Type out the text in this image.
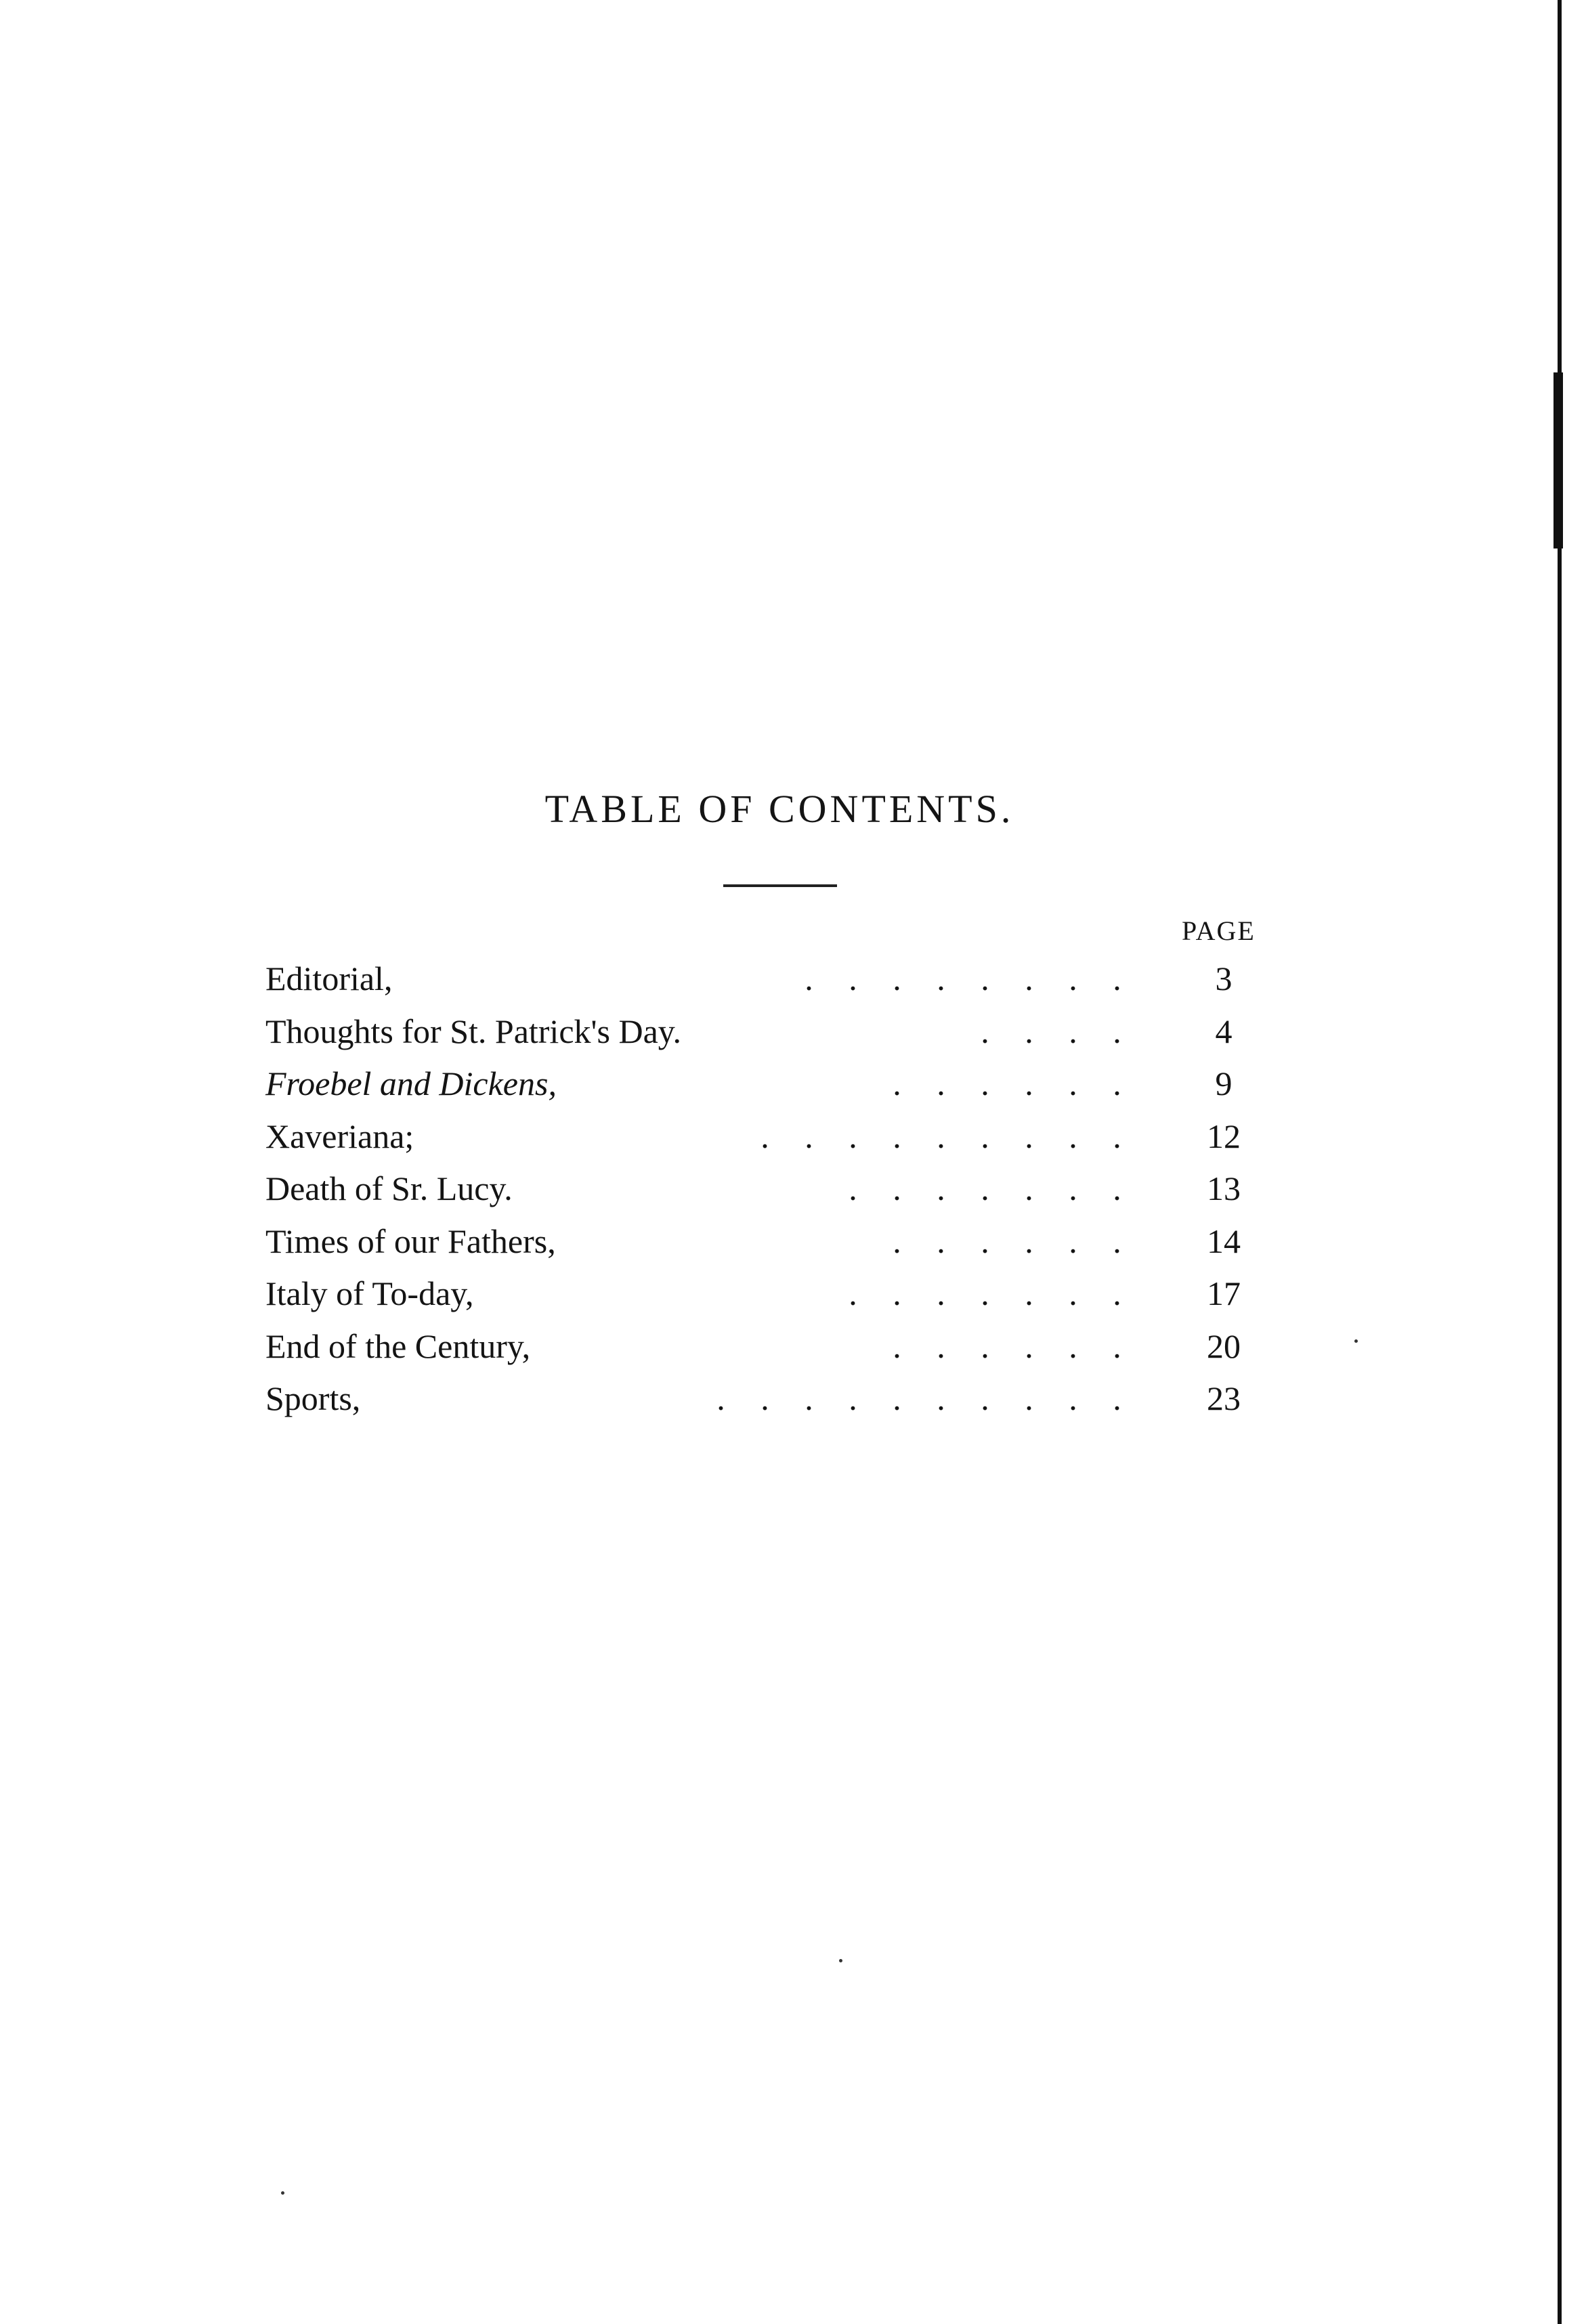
TABLE OF CONTENTS.
PAGE
Editorial,	. . . . . . . .	3
Thoughts for St. Patrick's Day.	. . . .	4
Froebel and Dickens,	. . . . . .	9
Xaveriana;	. . . . . . . . .	12
Death of Sr. Lucy.	. . . . . . .	13
Times of our Fathers,	. . . . . .	14
Italy of To-day,	. . . . . . .	17
End of the Century,	. . . . . .	20
Sports,	. . . . . . . . . .	23
